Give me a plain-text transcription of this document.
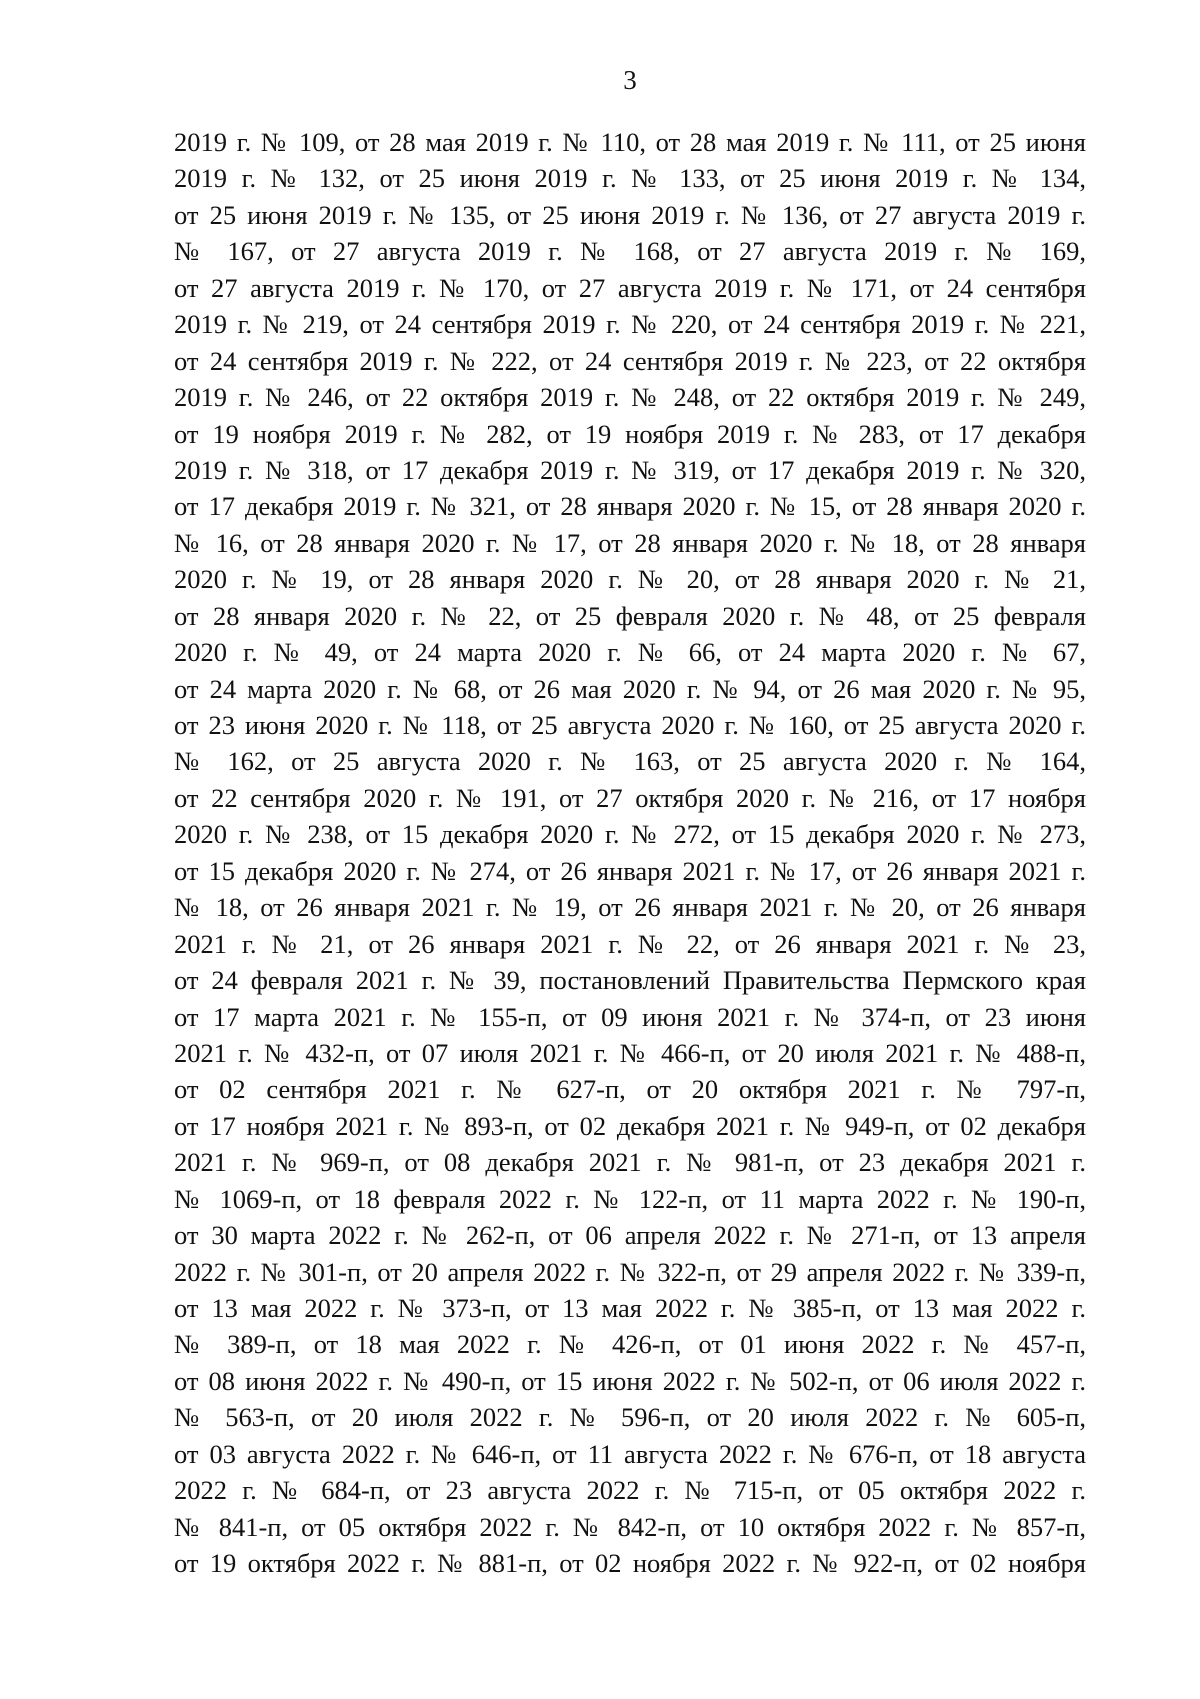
3
2019 г. № 109, от 28 мая 2019 г. № 110, от 28 мая 2019 г. № 111, от 25 июня
2019 г. № 132, от 25 июня 2019 г. № 133, от 25 июня 2019 г. № 134,
от 25 июня 2019 г. № 135, от 25 июня 2019 г. № 136, от 27 августа 2019 г.
№ 167, от 27 августа 2019 г. № 168, от 27 августа 2019 г. № 169,
от 27 августа 2019 г. № 170, от 27 августа 2019 г. № 171, от 24 сентября
2019 г. № 219, от 24 сентября 2019 г. № 220, от 24 сентября 2019 г. № 221,
от 24 сентября 2019 г. № 222, от 24 сентября 2019 г. № 223, от 22 октября
2019 г. № 246, от 22 октября 2019 г. № 248, от 22 октября 2019 г. № 249,
от 19 ноября 2019 г. № 282, от 19 ноября 2019 г. № 283, от 17 декабря
2019 г. № 318, от 17 декабря 2019 г. № 319, от 17 декабря 2019 г. № 320,
от 17 декабря 2019 г. № 321, от 28 января 2020 г. № 15, от 28 января 2020 г.
№ 16, от 28 января 2020 г. № 17, от 28 января 2020 г. № 18, от 28 января
2020 г. № 19, от 28 января 2020 г. № 20, от 28 января 2020 г. № 21,
от 28 января 2020 г. № 22, от 25 февраля 2020 г. № 48, от 25 февраля
2020 г. № 49, от 24 марта 2020 г. № 66, от 24 марта 2020 г. № 67,
от 24 марта 2020 г. № 68, от 26 мая 2020 г. № 94, от 26 мая 2020 г. № 95,
от 23 июня 2020 г. № 118, от 25 августа 2020 г. № 160, от 25 августа 2020 г.
№ 162, от 25 августа 2020 г. № 163, от 25 августа 2020 г. № 164,
от 22 сентября 2020 г. № 191, от 27 октября 2020 г. № 216, от 17 ноября
2020 г. № 238, от 15 декабря 2020 г. № 272, от 15 декабря 2020 г. № 273,
от 15 декабря 2020 г. № 274, от 26 января 2021 г. № 17, от 26 января 2021 г.
№ 18, от 26 января 2021 г. № 19, от 26 января 2021 г. № 20, от 26 января
2021 г. № 21, от 26 января 2021 г. № 22, от 26 января 2021 г. № 23,
от 24 февраля 2021 г. № 39, постановлений Правительства Пермского края
от 17 марта 2021 г. № 155-п, от 09 июня 2021 г. № 374-п, от 23 июня
2021 г. № 432-п, от 07 июля 2021 г. № 466-п, от 20 июля 2021 г. № 488-п,
от 02 сентября 2021 г. № 627-п, от 20 октября 2021 г. № 797-п,
от 17 ноября 2021 г. № 893-п, от 02 декабря 2021 г. № 949-п, от 02 декабря
2021 г. № 969-п, от 08 декабря 2021 г. № 981-п, от 23 декабря 2021 г.
№ 1069-п, от 18 февраля 2022 г. № 122-п, от 11 марта 2022 г. № 190-п,
от 30 марта 2022 г. № 262-п, от 06 апреля 2022 г. № 271-п, от 13 апреля
2022 г. № 301-п, от 20 апреля 2022 г. № 322-п, от 29 апреля 2022 г. № 339-п,
от 13 мая 2022 г. № 373-п, от 13 мая 2022 г. № 385-п, от 13 мая 2022 г.
№ 389-п, от 18 мая 2022 г. № 426-п, от 01 июня 2022 г. № 457-п,
от 08 июня 2022 г. № 490-п, от 15 июня 2022 г. № 502-п, от 06 июля 2022 г.
№ 563-п, от 20 июля 2022 г. № 596-п, от 20 июля 2022 г. № 605-п,
от 03 августа 2022 г. № 646-п, от 11 августа 2022 г. № 676-п, от 18 августа
2022 г. № 684-п, от 23 августа 2022 г. № 715-п, от 05 октября 2022 г.
№ 841-п, от 05 октября 2022 г. № 842-п, от 10 октября 2022 г. № 857-п,
от 19 октября 2022 г. № 881-п, от 02 ноября 2022 г. № 922-п, от 02 ноября
